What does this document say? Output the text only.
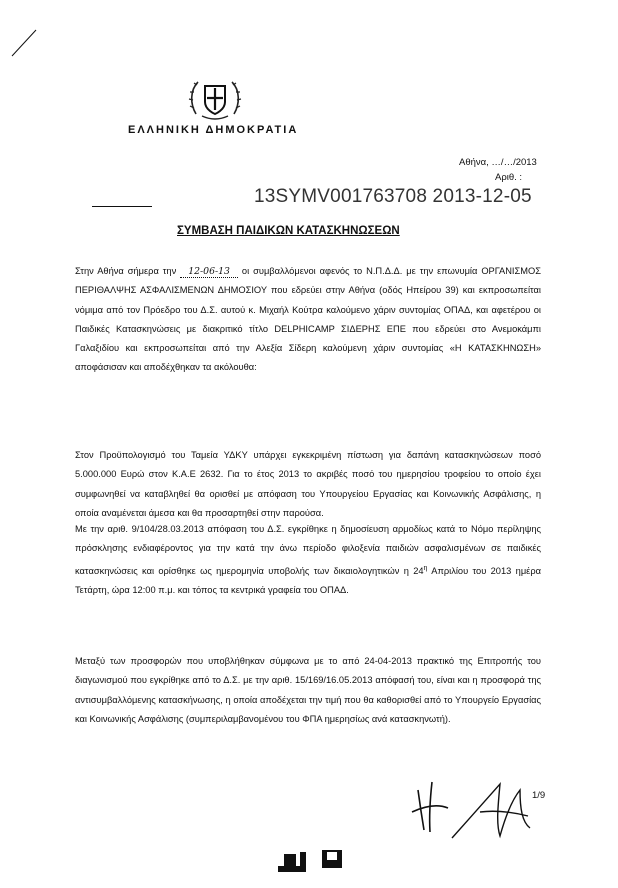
ΕΛΛΗΝΙΚΗ ΔΗΜΟΚΡΑΤΙΑ
Αθήνα, …/…/2013
Αριθ. :
13SYMV001763708 2013-12-05
ΣΥΜΒΑΣΗ ΠΑΙΔΙΚΩΝ ΚΑΤΑΣΚΗΝΩΣΕΩΝ
Στην Αθήνα σήμερα την 12-06-13 οι συμβαλλόμενοι αφενός το Ν.Π.Δ.Δ. με την επωνυμία ΟΡΓΑΝΙΣΜΟΣ ΠΕΡΙΘΑΛΨΗΣ ΑΣΦΑΛΙΣΜΕΝΩΝ ΔΗΜΟΣΙΟΥ που εδρεύει στην Αθήνα (οδός Ηπείρου 39) και εκπροσωπείται νόμιμα από τον Πρόεδρο του Δ.Σ. αυτού κ. Μιχαήλ Κούτρα καλούμενο χάριν συντομίας ΟΠΑΔ, και αφετέρου οι Παιδικές Κατασκηνώσεις με διακριτικό τίτλο DELPHICAMP ΣΙΔΕΡΗΣ ΕΠΕ που εδρεύει στο Ανεμοκάμπι Γαλαξιδίου και εκπροσωπείται από την Αλεξία Σίδερη καλούμενη χάριν συντομίας «Η ΚΑΤΑΣΚΗΝΩΣΗ» αποφάσισαν και αποδέχθηκαν τα ακόλουθα:
Στον Προϋπολογισμό του Ταμεία ΥΔΚΥ υπάρχει εγκεκριμένη πίστωση για δαπάνη κατασκηνώσεων ποσό 5.000.000 Ευρώ στον Κ.Α.Ε 2632. Για το έτος 2013 το ακριβές ποσό του ημερησίου τροφείου το οποίο έχει συμφωνηθεί να καταβληθεί θα ορισθεί με απόφαση του Υπουργείου Εργασίας και Κοινωνικής Ασφάλισης, η οποία αναμένεται άμεσα και θα προσαρτηθεί στην παρούσα.
Με την αριθ. 9/104/28.03.2013 απόφαση του Δ.Σ. εγκρίθηκε η δημοσίευση αρμοδίως κατά το Νόμο περίληψης πρόσκλησης ενδιαφέροντος για την κατά την άνω περίοδο φιλοξενία παιδιών ασφαλισμένων σε παιδικές κατασκηνώσεις και ορίσθηκε ως ημερομηνία υποβολής των δικαιολογητικών η $24^\eta$ Απριλίου του 2013 ημέρα Τετάρτη, ώρα 12:00 π.μ. και τόπος τα κεντρικά γραφεία του ΟΠΑΔ.
Μεταξύ των προσφορών που υποβλήθηκαν σύμφωνα με το από 24-04-2013 πρακτικό της Επιτροπής του διαγωνισμού που εγκρίθηκε από το Δ.Σ. με την αριθ. 15/169/16.05.2013 απόφασή του, είναι και η προσφορά της αντισυμβαλλόμενης κατασκήνωσης, η οποία αποδέχεται την τιμή που θα καθορισθεί από το Υπουργείο Εργασίας και Κοινωνικής Ασφάλισης (συμπεριλαμβανομένου του ΦΠΑ ημερησίως ανά κατασκηνωτή).
1/9
